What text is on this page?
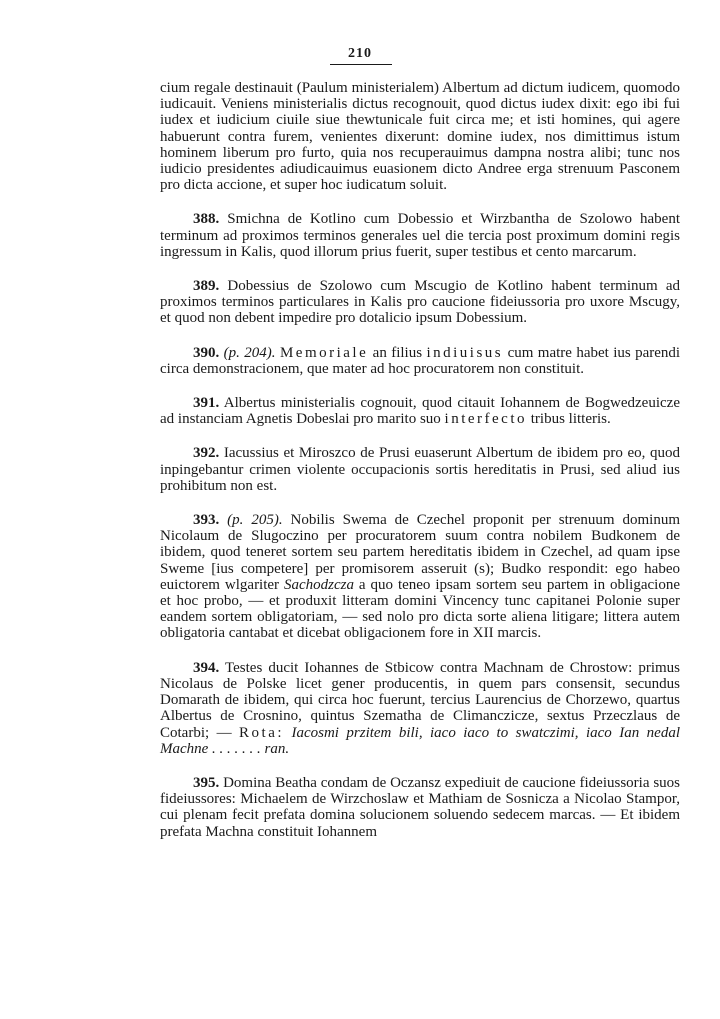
210

cium regale destinauit (Paulum ministerialem) Albertum ad dictum iudicem, quomodo iudicauit. Veniens ministerialis dictus recognouit, quod dictus iudex dixit: ego ibi fui iudex et iudicium ciuile siue thewtunicale fuit circa me; et isti homines, qui agere habuerunt contra furem, venientes dixerunt: domine iudex, nos dimittimus istum hominem liberum pro furto, quia nos recuperauimus dampna nostra alibi; tunc nos iudicio presidentes adiudicauimus euasionem dicto Andree erga strenuum Pasconem pro dicta accione, et super hoc iudicatum soluit.

388. Smichna de Kotlino cum Dobessio et Wirzbantha de Szolowo habent terminum ad proximos terminos generales uel die tercia post proximum domini regis ingressum in Kalis, quod illorum prius fuerit, super testibus et cento marcarum.

389. Dobessius de Szolowo cum Mscugio de Kotlino habent terminum ad proximos terminos particulares in Kalis pro caucione fideiussoria pro uxore Mscugy, et quod non debent impedire pro dotalicio ipsum Dobessium.

390. (p. 204). Memoriale an filius indiuisus cum matre habet ius parendi circa demonstracionem, que mater ad hoc procuratorem non constituit.

391. Albertus ministerialis cognouit, quod citauit Iohannem de Bogwedzeuicze ad instanciam Agnetis Dobeslai pro marito suo interfecto tribus litteris.

392. Iacussius et Miroszco de Prusi euaserunt Albertum de ibidem pro eo, quod inpingebantur crimen violente occupacionis sortis hereditatis in Prusi, sed aliud ius prohibitum non est.

393. (p. 205). Nobilis Swema de Czechel proponit per strenuum dominum Nicolaum de Slugoczino per procuratorem suum contra nobilem Budkonem de ibidem, quod teneret sortem seu partem hereditatis ibidem in Czechel, ad quam ipse Sweme [ius competere] per promisorem asseruit (s); Budko respondit: ego habeo euictorem wlgariter Sachodzcza a quo teneo ipsam sortem seu partem in obligacione et hoc probo, — et produxit litteram domini Vincency tunc capitanei Polonie super eandem sortem obligatoriam, — sed nolo pro dicta sorte aliena litigare; littera autem obligatoria cantabat et dicebat obligacionem fore in XII marcis.

394. Testes ducit Iohannes de Stbicow contra Machnam de Chrostow: primus Nicolaus de Polske licet gener producentis, in quem pars consensit, secundus Domarath de ibidem, qui circa hoc fuerunt, tercius Laurencius de Chorzewo, quartus Albertus de Crosnino, quintus Szematha de Climanczicze, sextus Przeczlaus de Cotarbi; — Rota: Iacosmi przitem bili, iaco iaco to swatczimi, iaco Ian nedal Machne . . . . . . . ran.

395. Domina Beatha condam de Oczansz expediuit de caucione fideiussoria suos fideiussores: Michaelem de Wirzchoslaw et Mathiam de Sosnicza a Nicolao Stampor, cui plenam fecit prefata domina solucionem soluendo sedecem marcas. — Et ibidem prefata Machna constituit Iohannem
